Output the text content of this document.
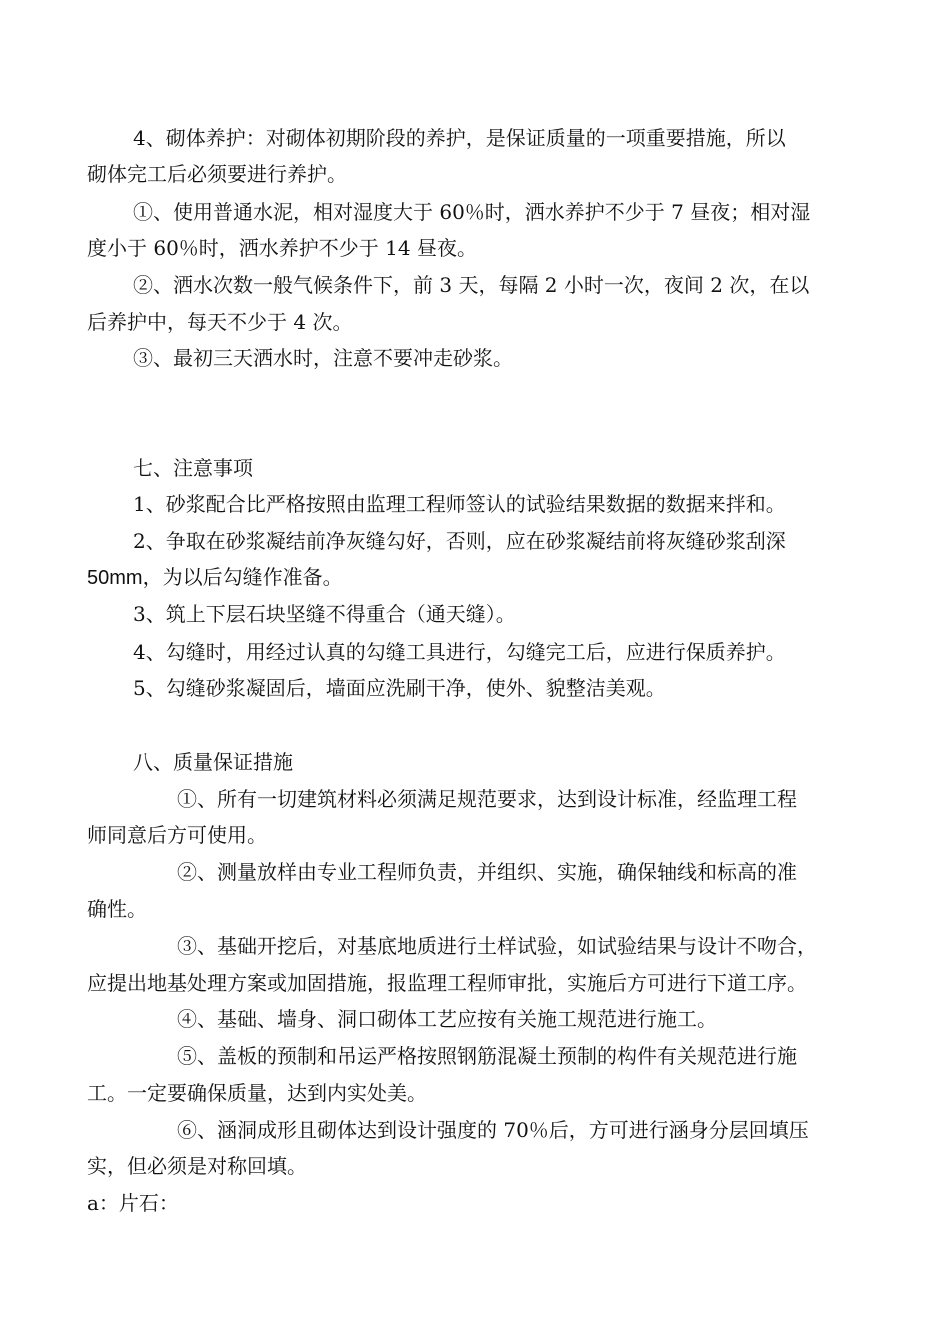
4、砌体养护：对砌体初期阶段的养护，是保证质量的一项重要措施，所以
砌体完工后必须要进行养护。
①、使用普通水泥，相对湿度大于 60％时，洒水养护不少于 7 昼夜；相对湿
度小于 60％时，洒水养护不少于 14 昼夜。
②、洒水次数一般气候条件下，前 3 天，每隔 2 小时一次，夜间 2 次，在以
后养护中，每天不少于 4 次。
③、最初三天洒水时，注意不要冲走砂浆。
七、注意事项
1、砂浆配合比严格按照由监理工程师签认的试验结果数据的数据来拌和。
2、争取在砂浆凝结前净灰缝勾好，否则，应在砂浆凝结前将灰缝砂浆刮深
50mm，为以后勾缝作准备。
3、筑上下层石块坚缝不得重合（通天缝）。
4、勾缝时，用经过认真的勾缝工具进行，勾缝完工后，应进行保质养护。
5、勾缝砂浆凝固后，墙面应洗刷干净，使外、貌整洁美观。
八、质量保证措施
①、所有一切建筑材料必须满足规范要求，达到设计标准，经监理工程
师同意后方可使用。
②、测量放样由专业工程师负责，并组织、实施，确保轴线和标高的准
确性。
③、基础开挖后，对基底地质进行土样试验，如试验结果与设计不吻合，
应提出地基处理方案或加固措施，报监理工程师审批，实施后方可进行下道工序。
④、基础、墙身、洞口砌体工艺应按有关施工规范进行施工。
⑤、盖板的预制和吊运严格按照钢筋混凝土预制的构件有关规范进行施
工。一定要确保质量，达到内实处美。
⑥、涵洞成形且砌体达到设计强度的 70％后，方可进行涵身分层回填压
实，但必须是对称回填。
a：片石：
